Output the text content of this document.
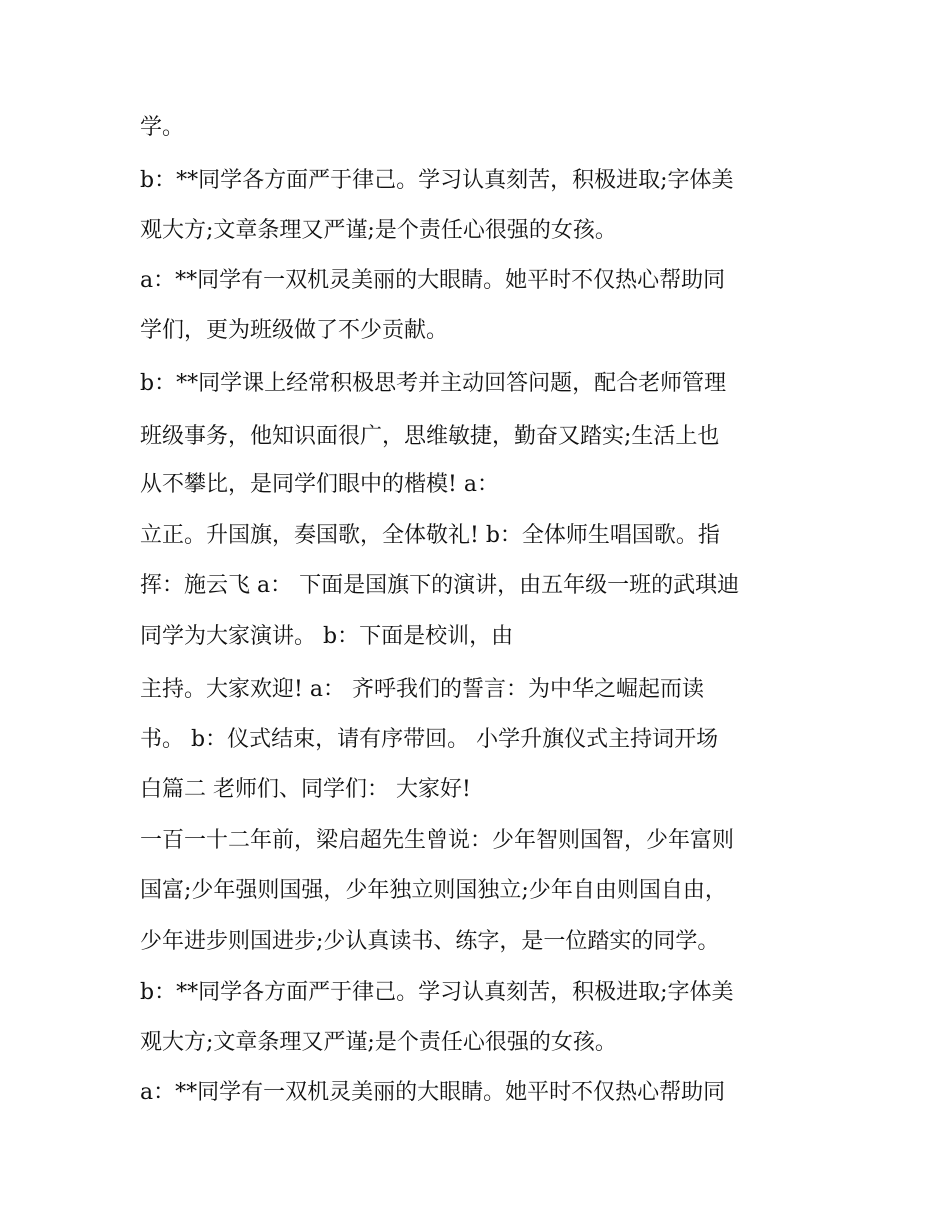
学。
b：**同学各方面严于律己。学习认真刻苦，积极进取;字体美
观大方;文章条理又严谨;是个责任心很强的女孩。
a：**同学有一双机灵美丽的大眼睛。她平时不仅热心帮助同
学们，更为班级做了不少贡献。
b：**同学课上经常积极思考并主动回答问题，配合老师管理
班级事务，他知识面很广，思维敏捷，勤奋又踏实;生活上也
从不攀比，是同学们眼中的楷模! a：
立正。升国旗，奏国歌，全体敬礼! b：全体师生唱国歌。指
挥：施云飞 a： 下面是国旗下的演讲，由五年级一班的武琪迪
同学为大家演讲。 b：下面是校训，由
主持。大家欢迎! a： 齐呼我们的誓言：为中华之崛起而读
书。 b：仪式结束，请有序带回。 小学升旗仪式主持词开场
白篇二 老师们、同学们： 大家好!
一百一十二年前，梁启超先生曾说：少年智则国智，少年富则
国富;少年强则国强，少年独立则国独立;少年自由则国自由，
少年进步则国进步;少认真读书、练字，是一位踏实的同学。
b：**同学各方面严于律己。学习认真刻苦，积极进取;字体美
观大方;文章条理又严谨;是个责任心很强的女孩。
a：**同学有一双机灵美丽的大眼睛。她平时不仅热心帮助同
